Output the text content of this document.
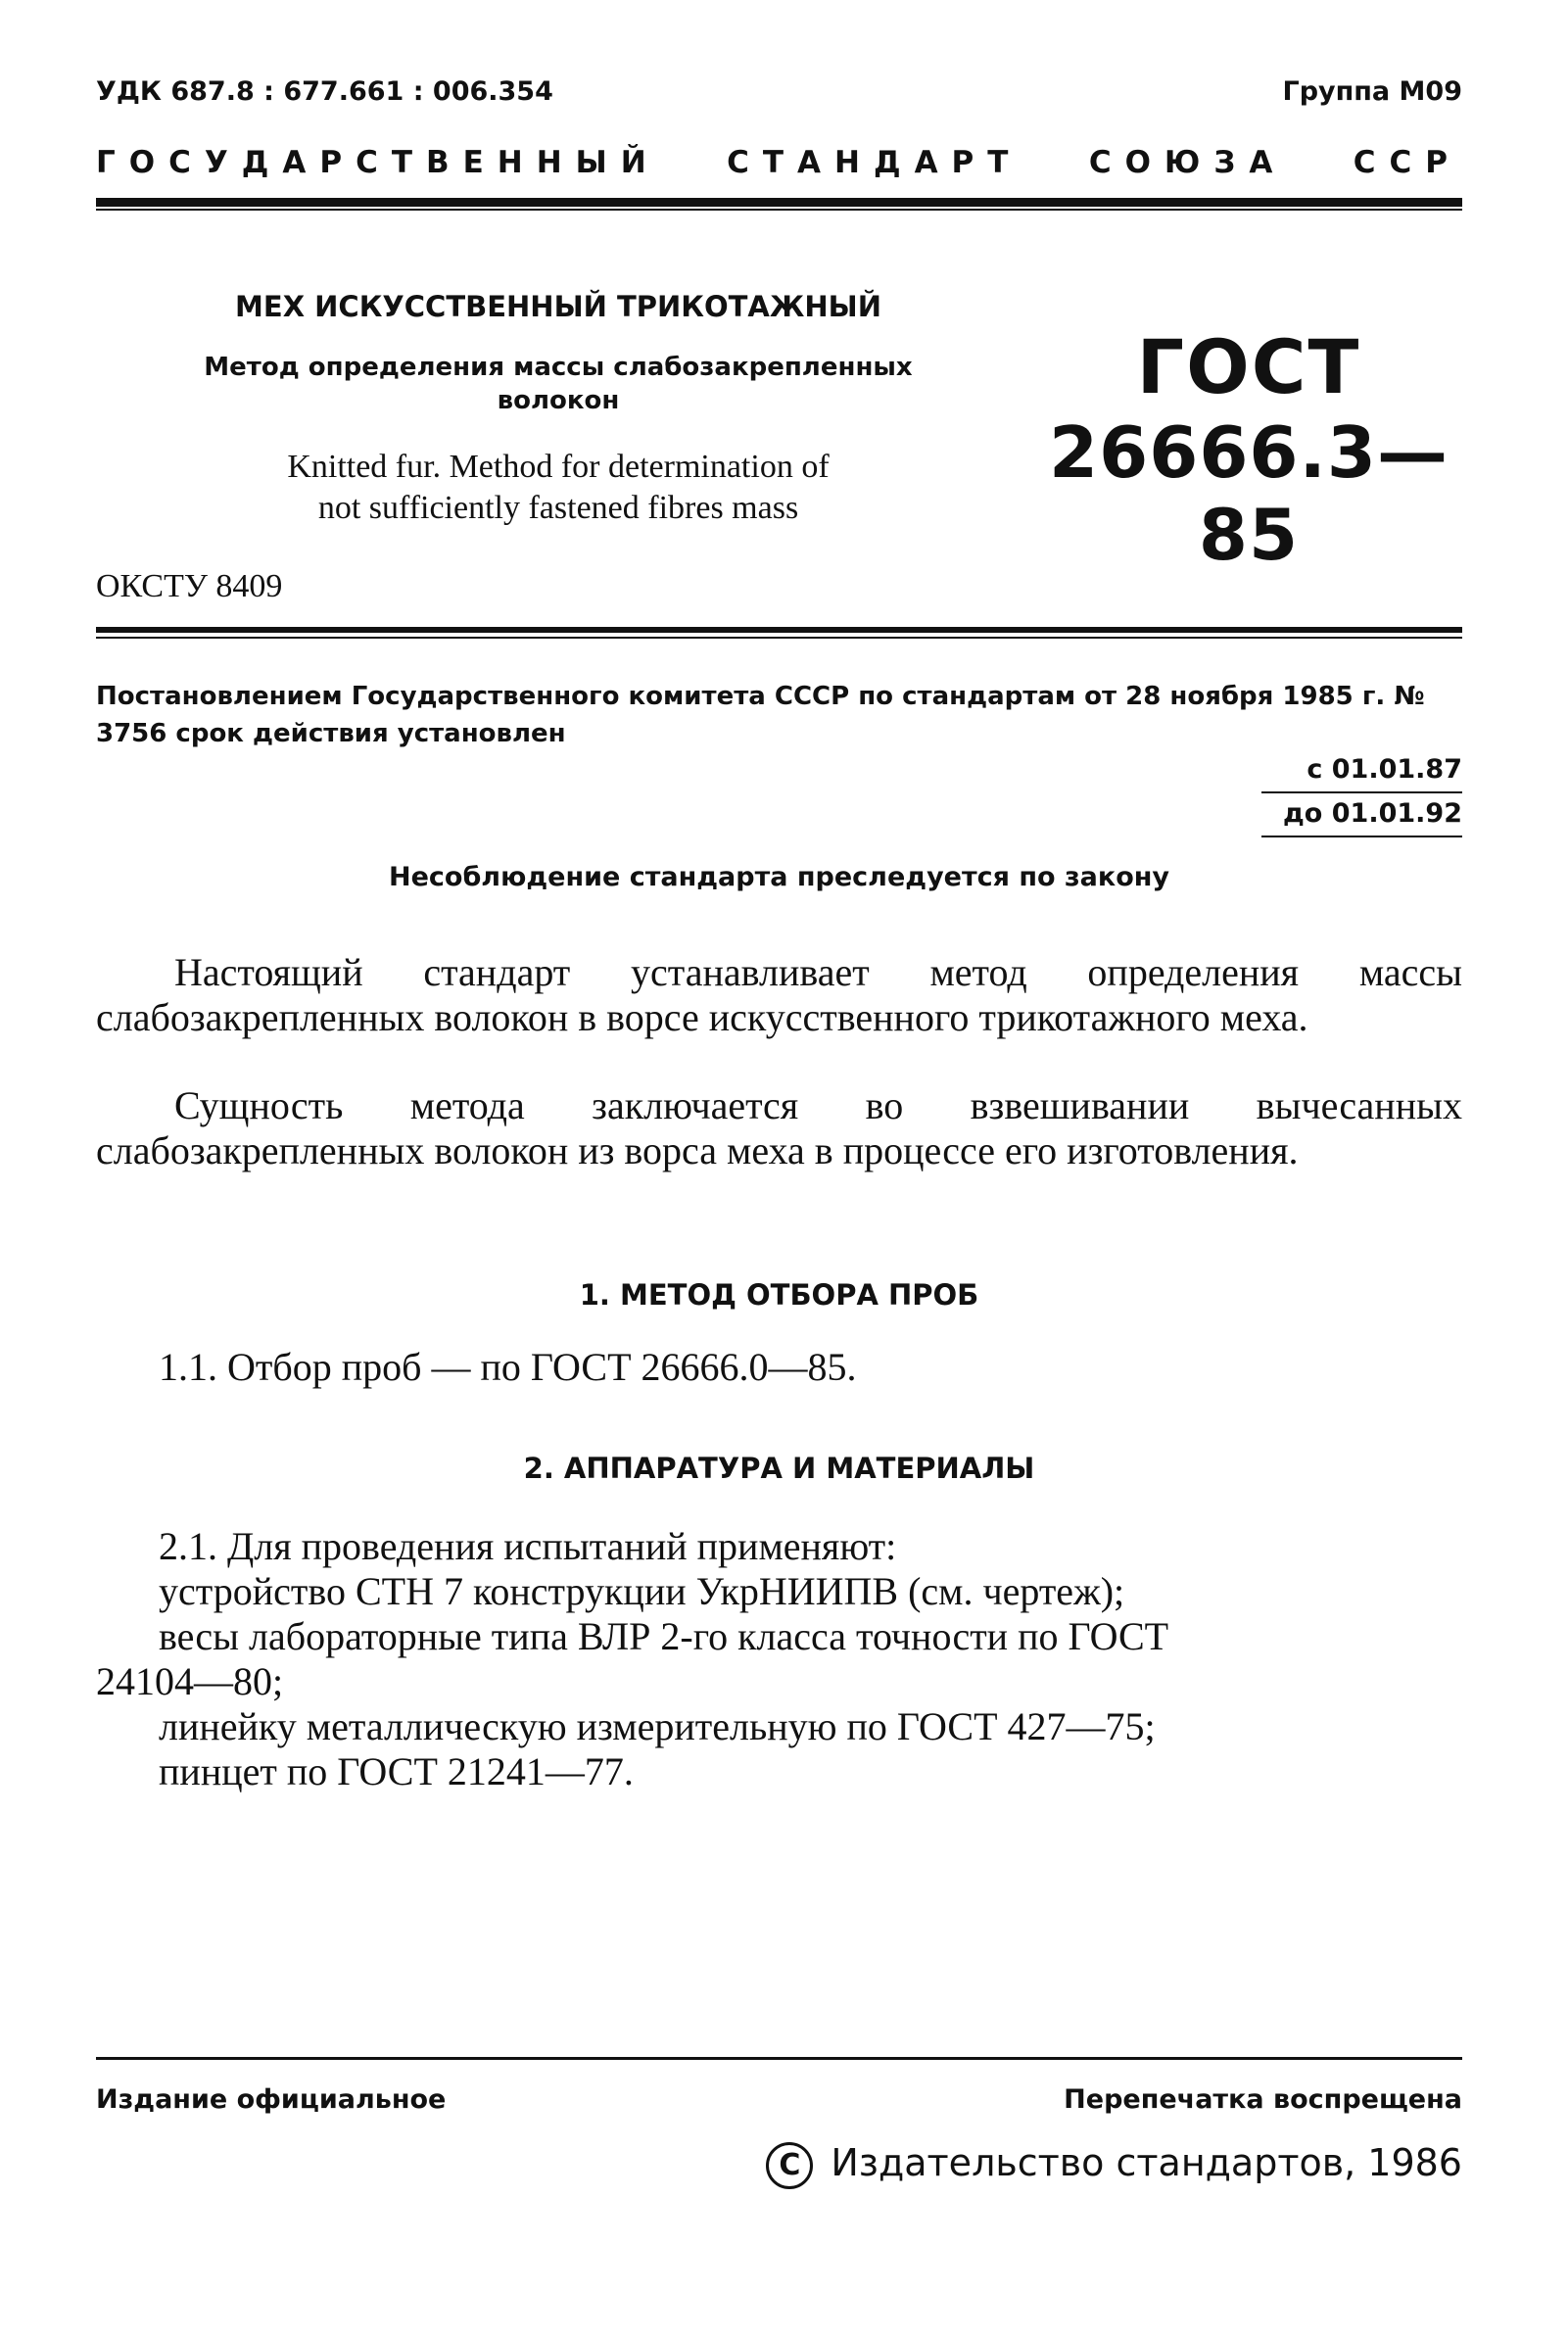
УДК 687.8 : 677.661 : 006.354	Группа М09
ГОСУДАРСТВЕННЫЙ СТАНДАРТ СОЮЗА ССР
МЕХ ИСКУССТВЕННЫЙ ТРИКОТАЖНЫЙ
Метод определения массы слабозакрепленных
волокон
Knitted fur. Method for determination of
not sufficiently fastened fibres mass
ГОСТ
26666.3—85
ОКСТУ 8409
Постановлением Государственного комитета СССР по стандартам от 28 ноября 1985 г. № 3756 срок действия установлен
с 01.01.87
до 01.01.92
Несоблюдение стандарта преследуется по закону
Настоящий стандарт устанавливает метод определения массы слабозакрепленных волокон в ворсе искусственного трикотажного меха.
Сущность метода заключается во взвешивании вычесанных слабозакрепленных волокон из ворса меха в процессе его изготовления.
1. МЕТОД ОТБОРА ПРОБ
1.1. Отбор проб — по ГОСТ 26666.0—85.
2. АППАРАТУРА И МАТЕРИАЛЫ
2.1. Для проведения испытаний применяют:
устройство СТН 7 конструкции УкрНИИПВ (см. чертеж);
весы лабораторные типа ВЛР 2-го класса точности по ГОСТ
24104—80;
линейку металлическую измерительную по ГОСТ 427—75;
пинцет по ГОСТ 21241—77.
Издание официальное	Перепечатка воспрещена
C Издательство стандартов, 1986
